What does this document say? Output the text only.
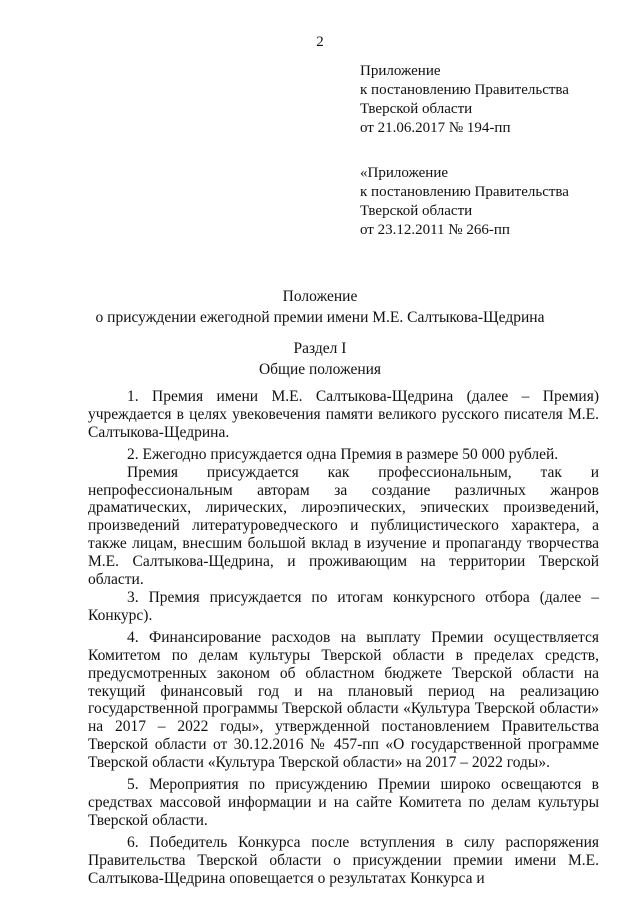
2
Приложение
к постановлению Правительства
Тверской области
от 21.06.2017 № 194-пп
«Приложение
к постановлению Правительства
Тверской области
от 23.12.2011 № 266-пп
Положение
о присуждении ежегодной премии имени М.Е. Салтыкова-Щедрина
Раздел I
Общие положения

1. Премия имени М.Е. Салтыкова-Щедрина (далее – Премия) учреждается в целях увековечения памяти великого русского писателя М.Е. Салтыкова-Щедрина.

2. Ежегодно присуждается одна Премия в размере 50 000 рублей.

Премия присуждается как профессиональным, так и непрофессиональным авторам за создание различных жанров драматических, лирических, лироэпических, эпических произведений, произведений литературоведческого и публицистического характера, а также лицам, внесшим большой вклад в изучение и пропаганду творчества М.Е. Салтыкова-Щедрина, и проживающим на территории Тверской области.

3. Премия присуждается по итогам конкурсного отбора (далее – Конкурс).

4. Финансирование расходов на выплату Премии осуществляется Комитетом по делам культуры Тверской области в пределах средств, предусмотренных законом об областном бюджете Тверской области на текущий финансовый год и на плановый период на реализацию государственной программы Тверской области «Культура Тверской области» на 2017 – 2022 годы», утвержденной постановлением Правительства Тверской области от 30.12.2016 № 457-пп «О государственной программе Тверской области «Культура Тверской области» на 2017 – 2022 годы».

5. Мероприятия по присуждению Премии широко освещаются в средствах массовой информации и на сайте Комитета по делам культуры Тверской области.

6. Победитель Конкурса после вступления в силу распоряжения Правительства Тверской области о присуждении премии имени М.Е. Салтыкова-Щедрина оповещается о результатах Конкурса и
